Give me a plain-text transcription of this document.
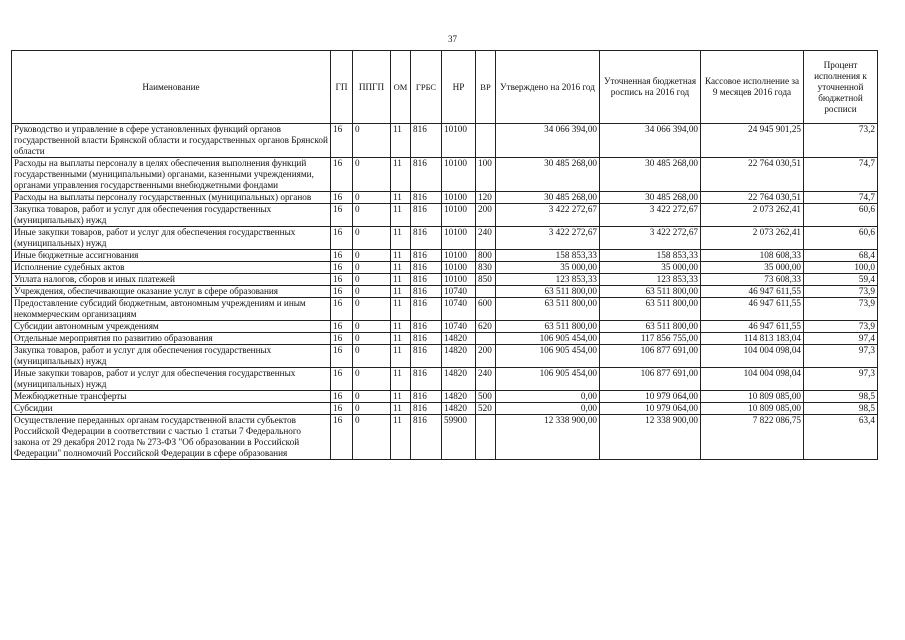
37
Наименование	ГП	ППГП	ОМ	ГРБС	НР	ВР	Утверждено на 2016 год	Уточненная бюджетная роспись на 2016 год	Кассовое исполнение за 9 месяцев 2016 года	Процент исполнения к уточненной бюджетной росписи
Руководство и управление в сфере установленных функций органов государственной власти Брянской области и государственных органов Брянской области	16	0	11	816	10100		34 066 394,00	34 066 394,00	24 945 901,25	73,2
Расходы на выплаты персоналу в целях обеспечения выполнения функций государственными (муниципальными) органами, казенными учреждениями, органами управления государственными внебюджетными фондами	16	0	11	816	10100	100	30 485 268,00	30 485 268,00	22 764 030,51	74,7
Расходы на выплаты персоналу государственных (муниципальных) органов	16	0	11	816	10100	120	30 485 268,00	30 485 268,00	22 764 030,51	74,7
Закупка товаров, работ и услуг для обеспечения государственных (муниципальных) нужд	16	0	11	816	10100	200	3 422 272,67	3 422 272,67	2 073 262,41	60,6
Иные закупки товаров, работ и услуг для обеспечения государственных (муниципальных) нужд	16	0	11	816	10100	240	3 422 272,67	3 422 272,67	2 073 262,41	60,6
Иные бюджетные ассигнования	16	0	11	816	10100	800	158 853,33	158 853,33	108 608,33	68,4
Исполнение судебных актов	16	0	11	816	10100	830	35 000,00	35 000,00	35 000,00	100,0
Уплата налогов, сборов и иных платежей	16	0	11	816	10100	850	123 853,33	123 853,33	73 608,33	59,4
Учреждения, обеспечивающие оказание услуг в сфере образования	16	0	11	816	10740		63 511 800,00	63 511 800,00	46 947 611,55	73,9
Предоставление субсидий бюджетным, автономным учреждениям и иным некоммерческим организациям	16	0	11	816	10740	600	63 511 800,00	63 511 800,00	46 947 611,55	73,9
Субсидии автономным учреждениям	16	0	11	816	10740	620	63 511 800,00	63 511 800,00	46 947 611,55	73,9
Отдельные мероприятия по развитию образования	16	0	11	816	14820		106 905 454,00	117 856 755,00	114 813 183,04	97,4
Закупка товаров, работ и услуг для обеспечения государственных (муниципальных) нужд	16	0	11	816	14820	200	106 905 454,00	106 877 691,00	104 004 098,04	97,3
Иные закупки товаров, работ и услуг для обеспечения государственных (муниципальных) нужд	16	0	11	816	14820	240	106 905 454,00	106 877 691,00	104 004 098,04	97,3
Межбюджетные трансферты	16	0	11	816	14820	500	0,00	10 979 064,00	10 809 085,00	98,5
Субсидии	16	0	11	816	14820	520	0,00	10 979 064,00	10 809 085,00	98,5
Осуществление переданных органам государственной власти субъектов Российской Федерации в соответствии с частью 1 статьи 7 Федерального закона от 29 декабря 2012 года № 273-ФЗ "Об образовании в Российской Федерации" полномочий Российской Федерации в сфере образования	16	0	11	816	59900		12 338 900,00	12 338 900,00	7 822 086,75	63,4
